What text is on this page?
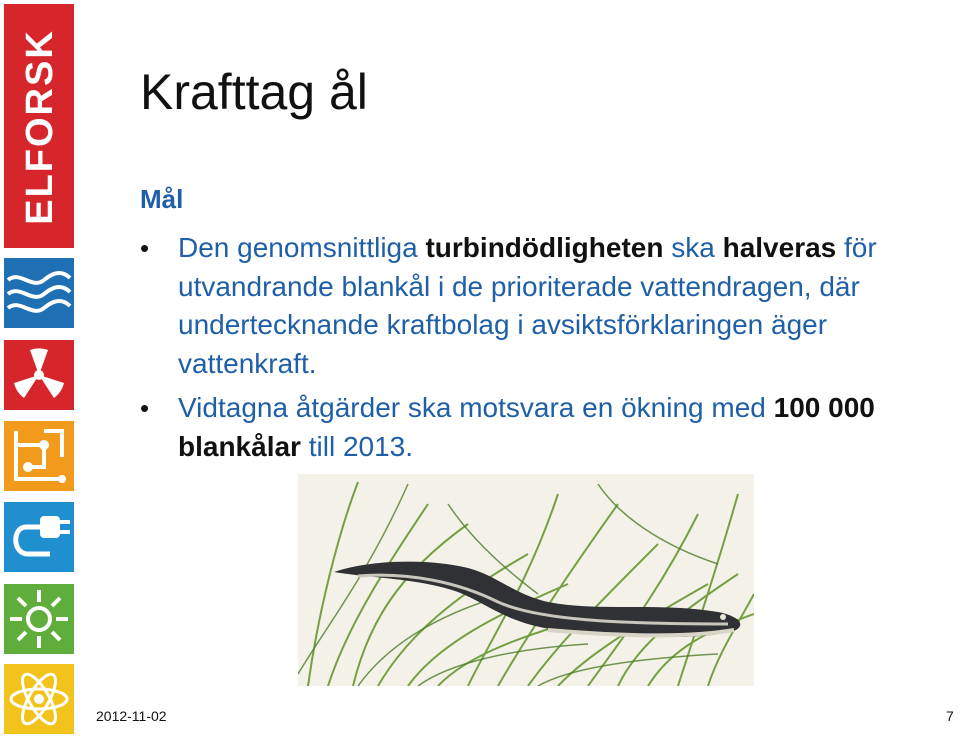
ELFORSK Krafttag ål
Mål
• Den genomsnittliga turbindödligheten ska halveras för utvandrande blankål i de prioriterade vattendragen, där undertecknande kraftbolag i avsiktsförklaringen äger vattenkraft.
• Vidtagna åtgärder ska motsvara en ökning med 100 000 blankålar till 2013.
2012-11-02	7
